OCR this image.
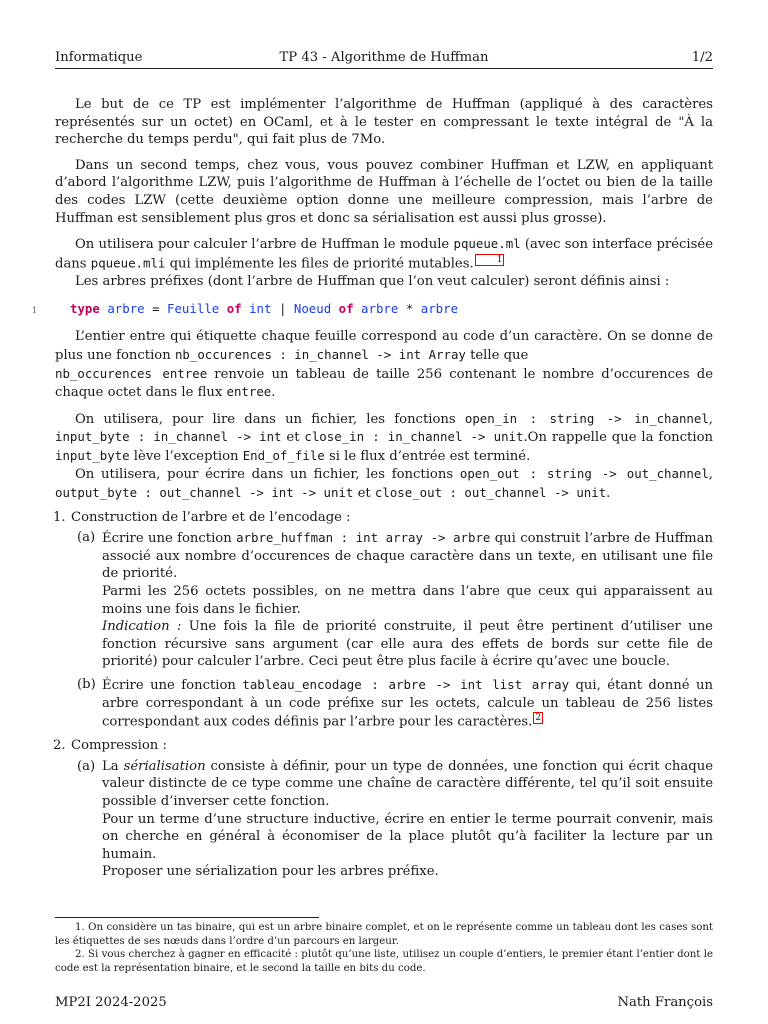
Informatique	TP 43 - Algorithme de Huffman	1/2

Le but de ce TP est implémenter l’algorithme de Huffman (appliqué à des caractères représentés sur un octet) en OCaml, et à le tester en compressant le texte intégral de "À la recherche du temps perdu", qui fait plus de 7Mo.

Dans un second temps, chez vous, vous pouvez combiner Huffman et LZW, en appliquant d’abord l’algorithme LZW, puis l’algorithme de Huffman à l’échelle de l’octet ou bien de la taille des codes LZW (cette deuxième option donne une meilleure compression, mais l’arbre de Huffman est sensiblement plus gros et donc sa sérialisation est aussi plus grosse).

On utilisera pour calculer l’arbre de Huffman le module pqueue.ml (avec son interface précisée dans pqueue.mli qui implémente les files de priorité mutables.	1

Les arbres préfixes (dont l’arbre de Huffman que l’on veut calculer) seront définis ainsi :

1	type arbre = Feuille of int | Noeud of arbre * arbre

L’entier entre qui étiquette chaque feuille correspond au code d’un caractère. On se donne de plus une fonction nb_occurences : in_channel -> int Array telle que
nb_occurences entree renvoie un tableau de taille 256 contenant le nombre d’occurences de chaque octet dans le flux entree.

On utilisera, pour lire dans un fichier, les fonctions open_in : string -> in_channel, input_byte : in_channel -> int et close_in : in_channel -> unit.On rappelle que la fonction input_byte lève l’exception End_of_file si le flux d’entrée est terminé.

On utilisera, pour écrire dans un fichier, les fonctions open_out : string -> out_channel, output_byte : out_channel -> int -> unit et close_out : out_channel -> unit.

1. Construction de l’arbre et de l’encodage :
(a) Écrire une fonction arbre_huffman : int array -> arbre qui construit l’arbre de Huffman associé aux nombre d’occurences de chaque caractère dans un texte, en utilisant une file de priorité.

Parmi les 256 octets possibles, on ne mettra dans l’abre que ceux qui apparaissent au moins une fois dans le fichier.

Indication : Une fois la file de priorité construite, il peut être pertinent d’utiliser une fonction récursive sans argument (car elle aura des effets de bords sur cette file de priorité) pour calculer l’arbre. Ceci peut être plus facile à écrire qu’avec une boucle.

(b) Écrire une fonction tableau_encodage : arbre -> int list array qui, étant donné un arbre correspondant à un code préfixe sur les octets, calcule un tableau de 256 listes correspondant aux codes définis par l’arbre pour les caractères. 2

2. Compression :
(a) La sérialisation consiste à définir, pour un type de données, une fonction qui écrit chaque valeur distincte de ce type comme une chaîne de caractère différente, tel qu’il soit ensuite possible d’inverser cette fonction.

Pour un terme d’une structure inductive, écrire en entier le terme pourrait convenir, mais on cherche en général à économiser de la place plutôt qu’à faciliter la lecture par un humain.

Proposer une sérialization pour les arbres préfixe.

1. On considère un tas binaire, qui est un arbre binaire complet, et on le représente comme un tableau dont les cases sont les étiquettes de ses nœuds dans l’ordre d’un parcours en largeur.

2. Si vous cherchez à gagner en efficacité : plutôt qu’une liste, utilisez un couple d’entiers, le premier étant l’entier dont le code est la représentation binaire, et le second la taille en bits du code.

MP2I 2024-2025	Nath François
